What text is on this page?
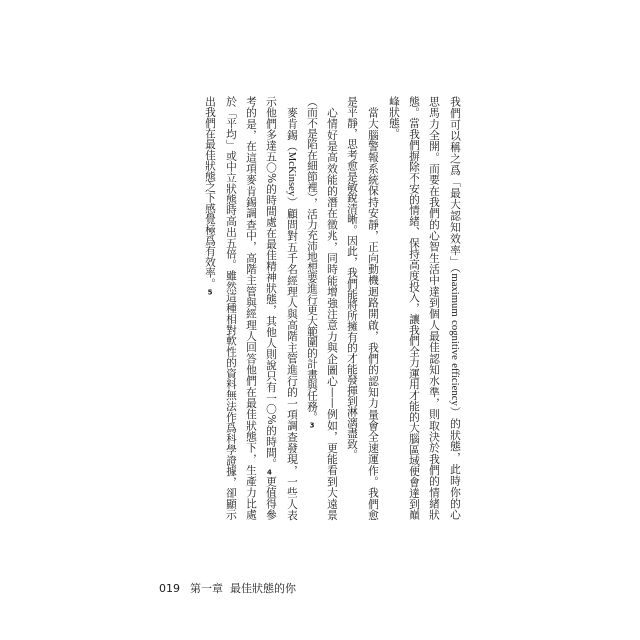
我們可以稱之爲「最大認知效率」（maximum cognitive efficiency）的狀態，此時你的心
思馬力全開。而要在我們的心智生活中達到個人最佳認知水準，則取決於我們的情緒狀
態。當我們摒除不安的情緒、保持高度投入，讓我們全力運用才能的大腦區域便會達到巔
峰狀態。
當大腦警報系統保持安靜，正向動機迴路開啟，我們的認知力量會全速運作。我們愈
是平靜，思考愈是敏銳清晰。因此，我們能將所擁有的才能發揮到淋漓盡致。
心情好是高效能的潛在徵兆，同時能增強注意力與企圖心——例如，更能看到大遠景
（而不是陷在細節裡），活力充沛地想要進行更大範圍的計畫與任務。3
麥肯錫（McKinsey）顧問對五千名經理人與高階主管進行的一項調查發現，一些人表
示他們多達五〇%的時間處在最佳精神狀態，其他人則說只有一〇%的時間。4更值得參
考的是，在這項麥肯錫調查中，高階主管與經理人回答他們在最佳狀態下，生產力比處
於「平均」或中立狀態時高出五倍。雖然這種相對軟性的資料無法作爲科學證據，卻顯示
出我們在最佳狀態之下感覺極爲有效率。5
019 第一章 最佳狀態的你
